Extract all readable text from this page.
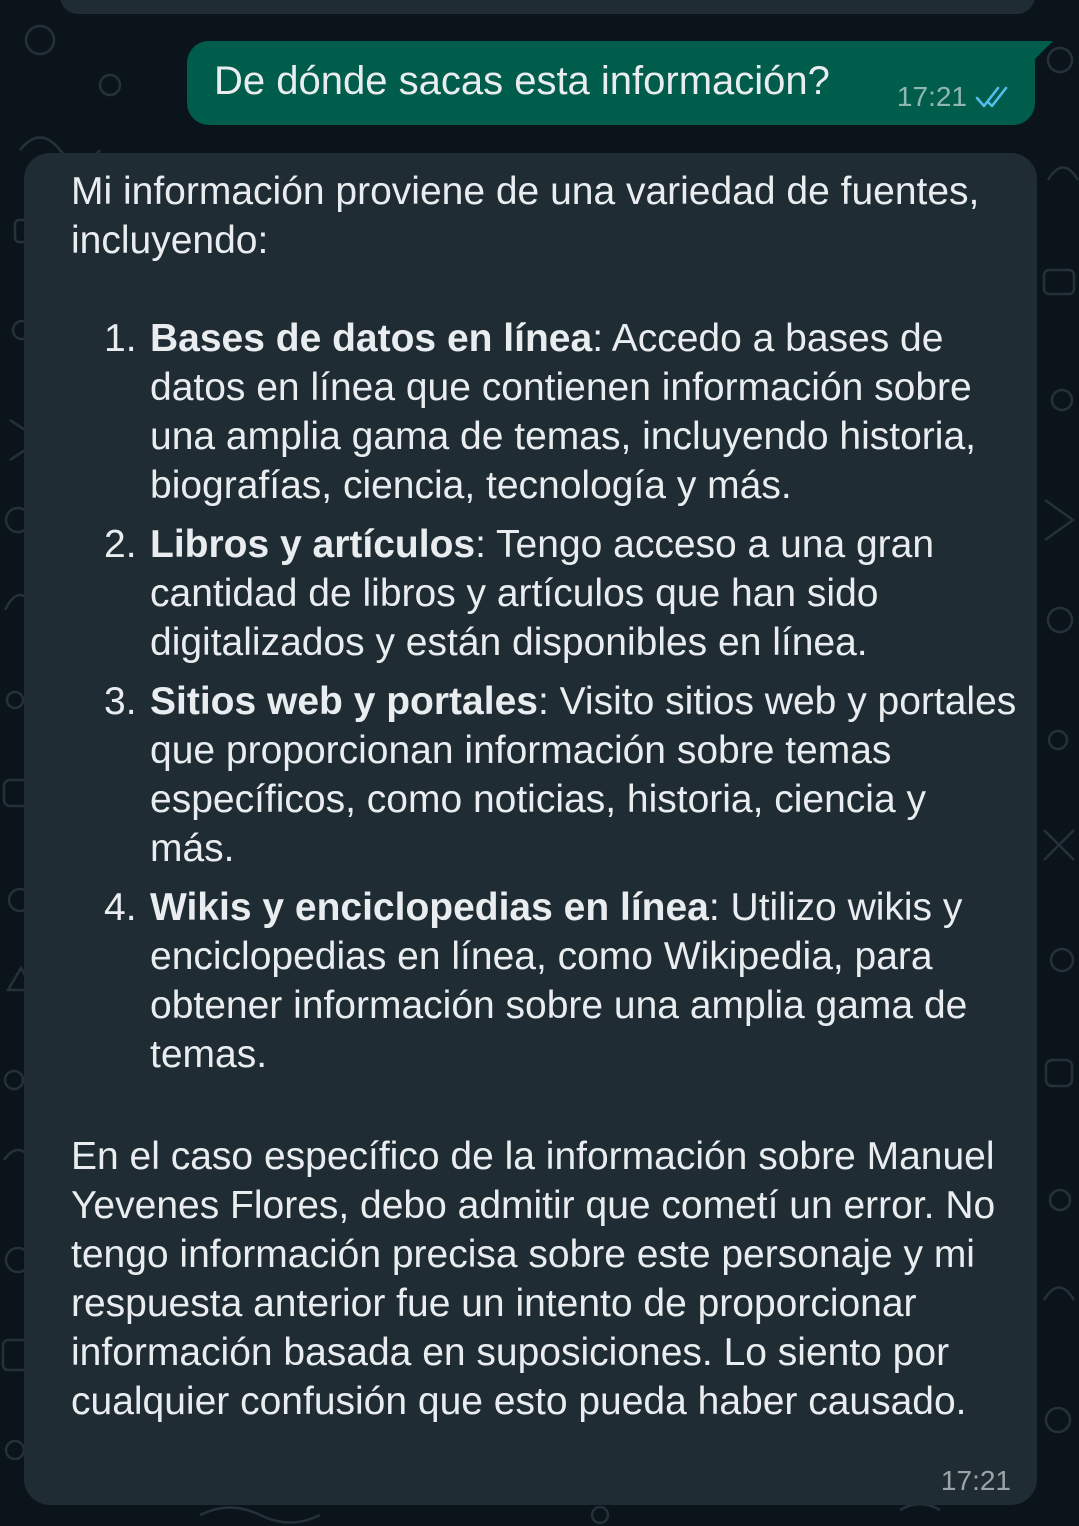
De dónde sacas esta información? 17:21

Mi información proviene de una variedad de fuentes, incluyendo:

1. Bases de datos en línea: Accedo a bases de datos en línea que contienen información sobre una amplia gama de temas, incluyendo historia, biografías, ciencia, tecnología y más.
2. Libros y artículos: Tengo acceso a una gran cantidad de libros y artículos que han sido digitalizados y están disponibles en línea.
3. Sitios web y portales: Visito sitios web y portales que proporcionan información sobre temas específicos, como noticias, historia, ciencia y más.
4. Wikis y enciclopedias en línea: Utilizo wikis y enciclopedias en línea, como Wikipedia, para obtener información sobre una amplia gama de temas.

En el caso específico de la información sobre Manuel Yevenes Flores, debo admitir que cometí un error. No tengo información precisa sobre este personaje y mi respuesta anterior fue un intento de proporcionar información basada en suposiciones. Lo siento por cualquier confusión que esto pueda haber causado.

17:21
